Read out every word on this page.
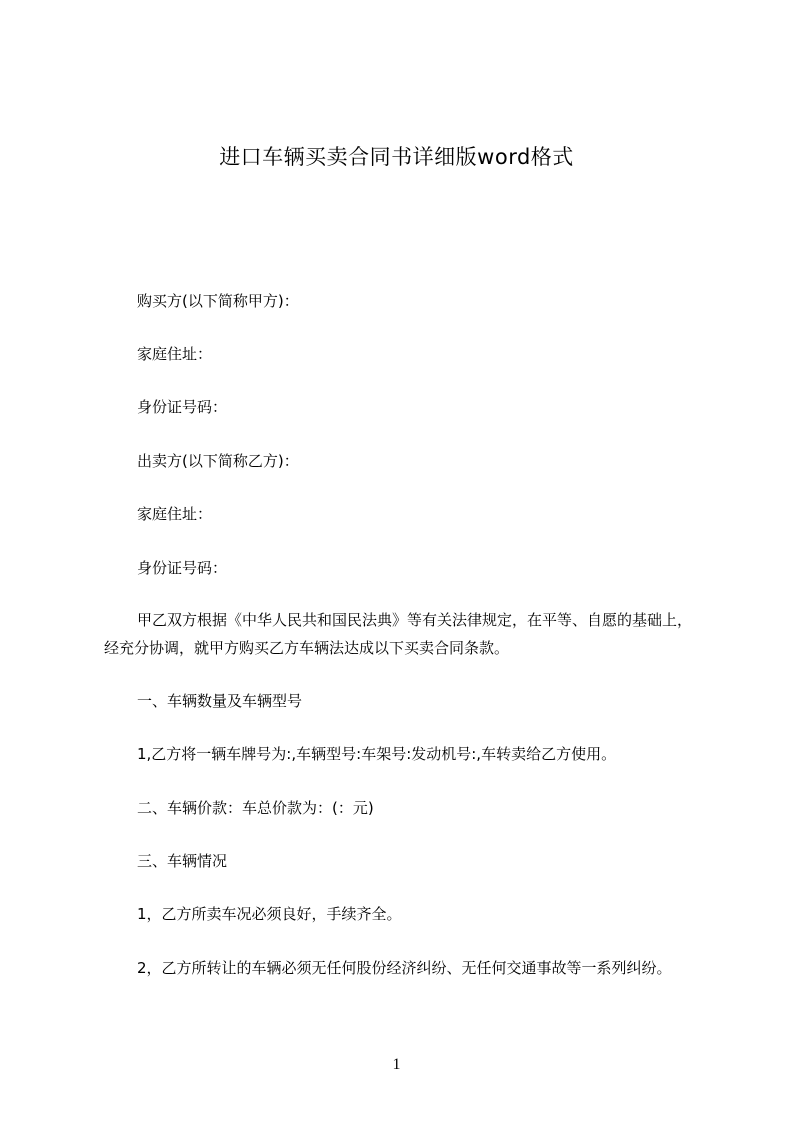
进口车辆买卖合同书详细版word格式
购买方(以下简称甲方)：
家庭住址：
身份证号码：
出卖方(以下简称乙方)：
家庭住址：
身份证号码：
甲乙双方根据《中华人民共和国民法典》等有关法律规定，在平等、自愿的基础上，经充分协调，就甲方购买乙方车辆法达成以下买卖合同条款。
一、车辆数量及车辆型号
1,乙方将一辆车牌号为:,车辆型号:车架号:发动机号:,车转卖给乙方使用。
二、车辆价款：车总价款为：(：元)
三、车辆情况
1，乙方所卖车况必须良好，手续齐全。
2，乙方所转让的车辆必须无任何股份经济纠纷、无任何交通事故等一系列纠纷。
1
